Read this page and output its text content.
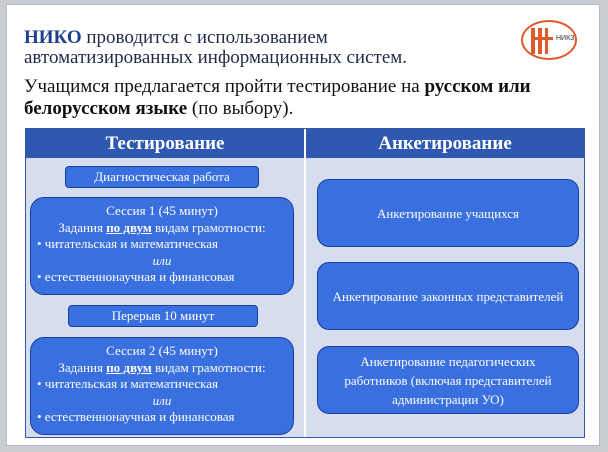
НИКО проводится с использованием
автоматизированных информационных систем.
Учащимся предлагается пройти тестирование на русском или белорусском языке (по выбору).
НИКЗ
Тестирование	Анкетирование
Диагностическая работа
Сессия 1 (45 минут)
Задания по двум видам грамотности:
• читательская и математическая
или
• естественнонаучная и финансовая
Перерыв 10 минут
Сессия 2 (45 минут)
Задания по двум видам грамотности:
• читательская и математическая
или
• естественнонаучная и финансовая
Анкетирование учащихся
Анкетирование законных представителей
Анкетирование педагогических работников (включая представителей администрации УО)
